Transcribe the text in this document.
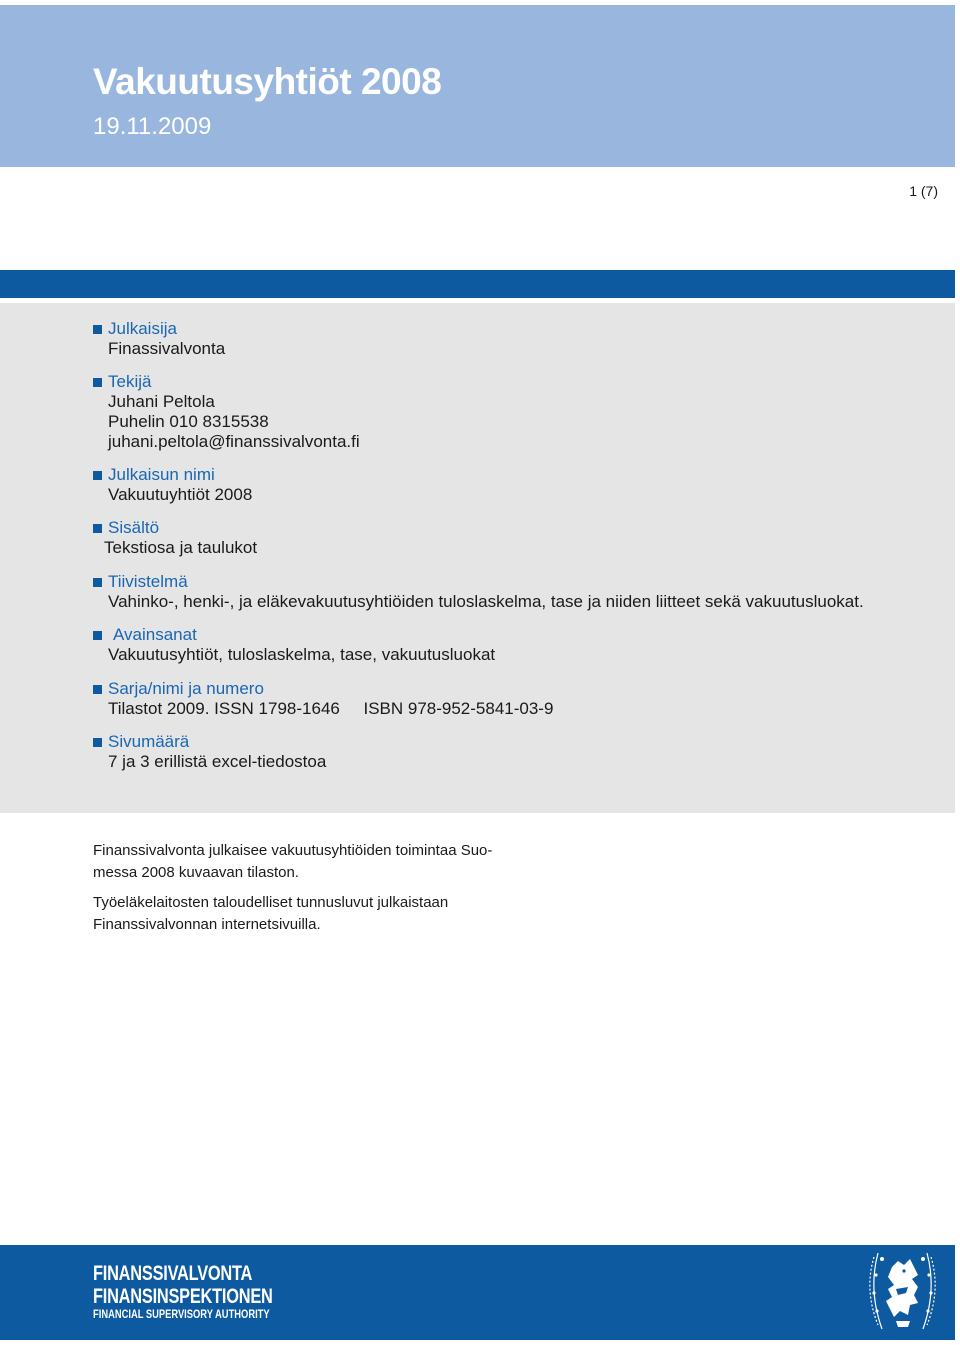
Vakuutusyhtiöt 2008
19.11.2009
1 (7)
Julkaisija
Finassivalvonta
Tekijä
Juhani Peltola
Puhelin 010 8315538
juhani.peltola@finanssivalvonta.fi
Julkaisun nimi
Vakuutuyhtiöt 2008
Sisältö
Tekstiosa ja taulukot
Tiivistelmä
Vahinko-, henki-, ja eläkevakuutusyhtiöiden tuloslaskelma, tase ja niiden liitteet sekä vakuutusluokat.
Avainsanat
Vakuutusyhtiöt, tuloslaskelma, tase, vakuutusluokat
Sarja/nimi ja numero
Tilastot 2009. ISSN 1798-1646     ISBN 978-952-5841-03-9
Sivumäärä
7 ja 3 erillistä excel-tiedostoa
Finanssivalvonta julkaisee vakuutusyhtiöiden toimintaa Suo-
messa 2008 kuvaavan tilaston.
Työeläkelaitosten taloudelliset tunnusluvut julkaistaan
Finanssivalvonnan internetsivuilla.
FINANSSIVALVONTA
FINANSINSPEKTIONEN
FINANCIAL SUPERVISORY AUTHORITY
